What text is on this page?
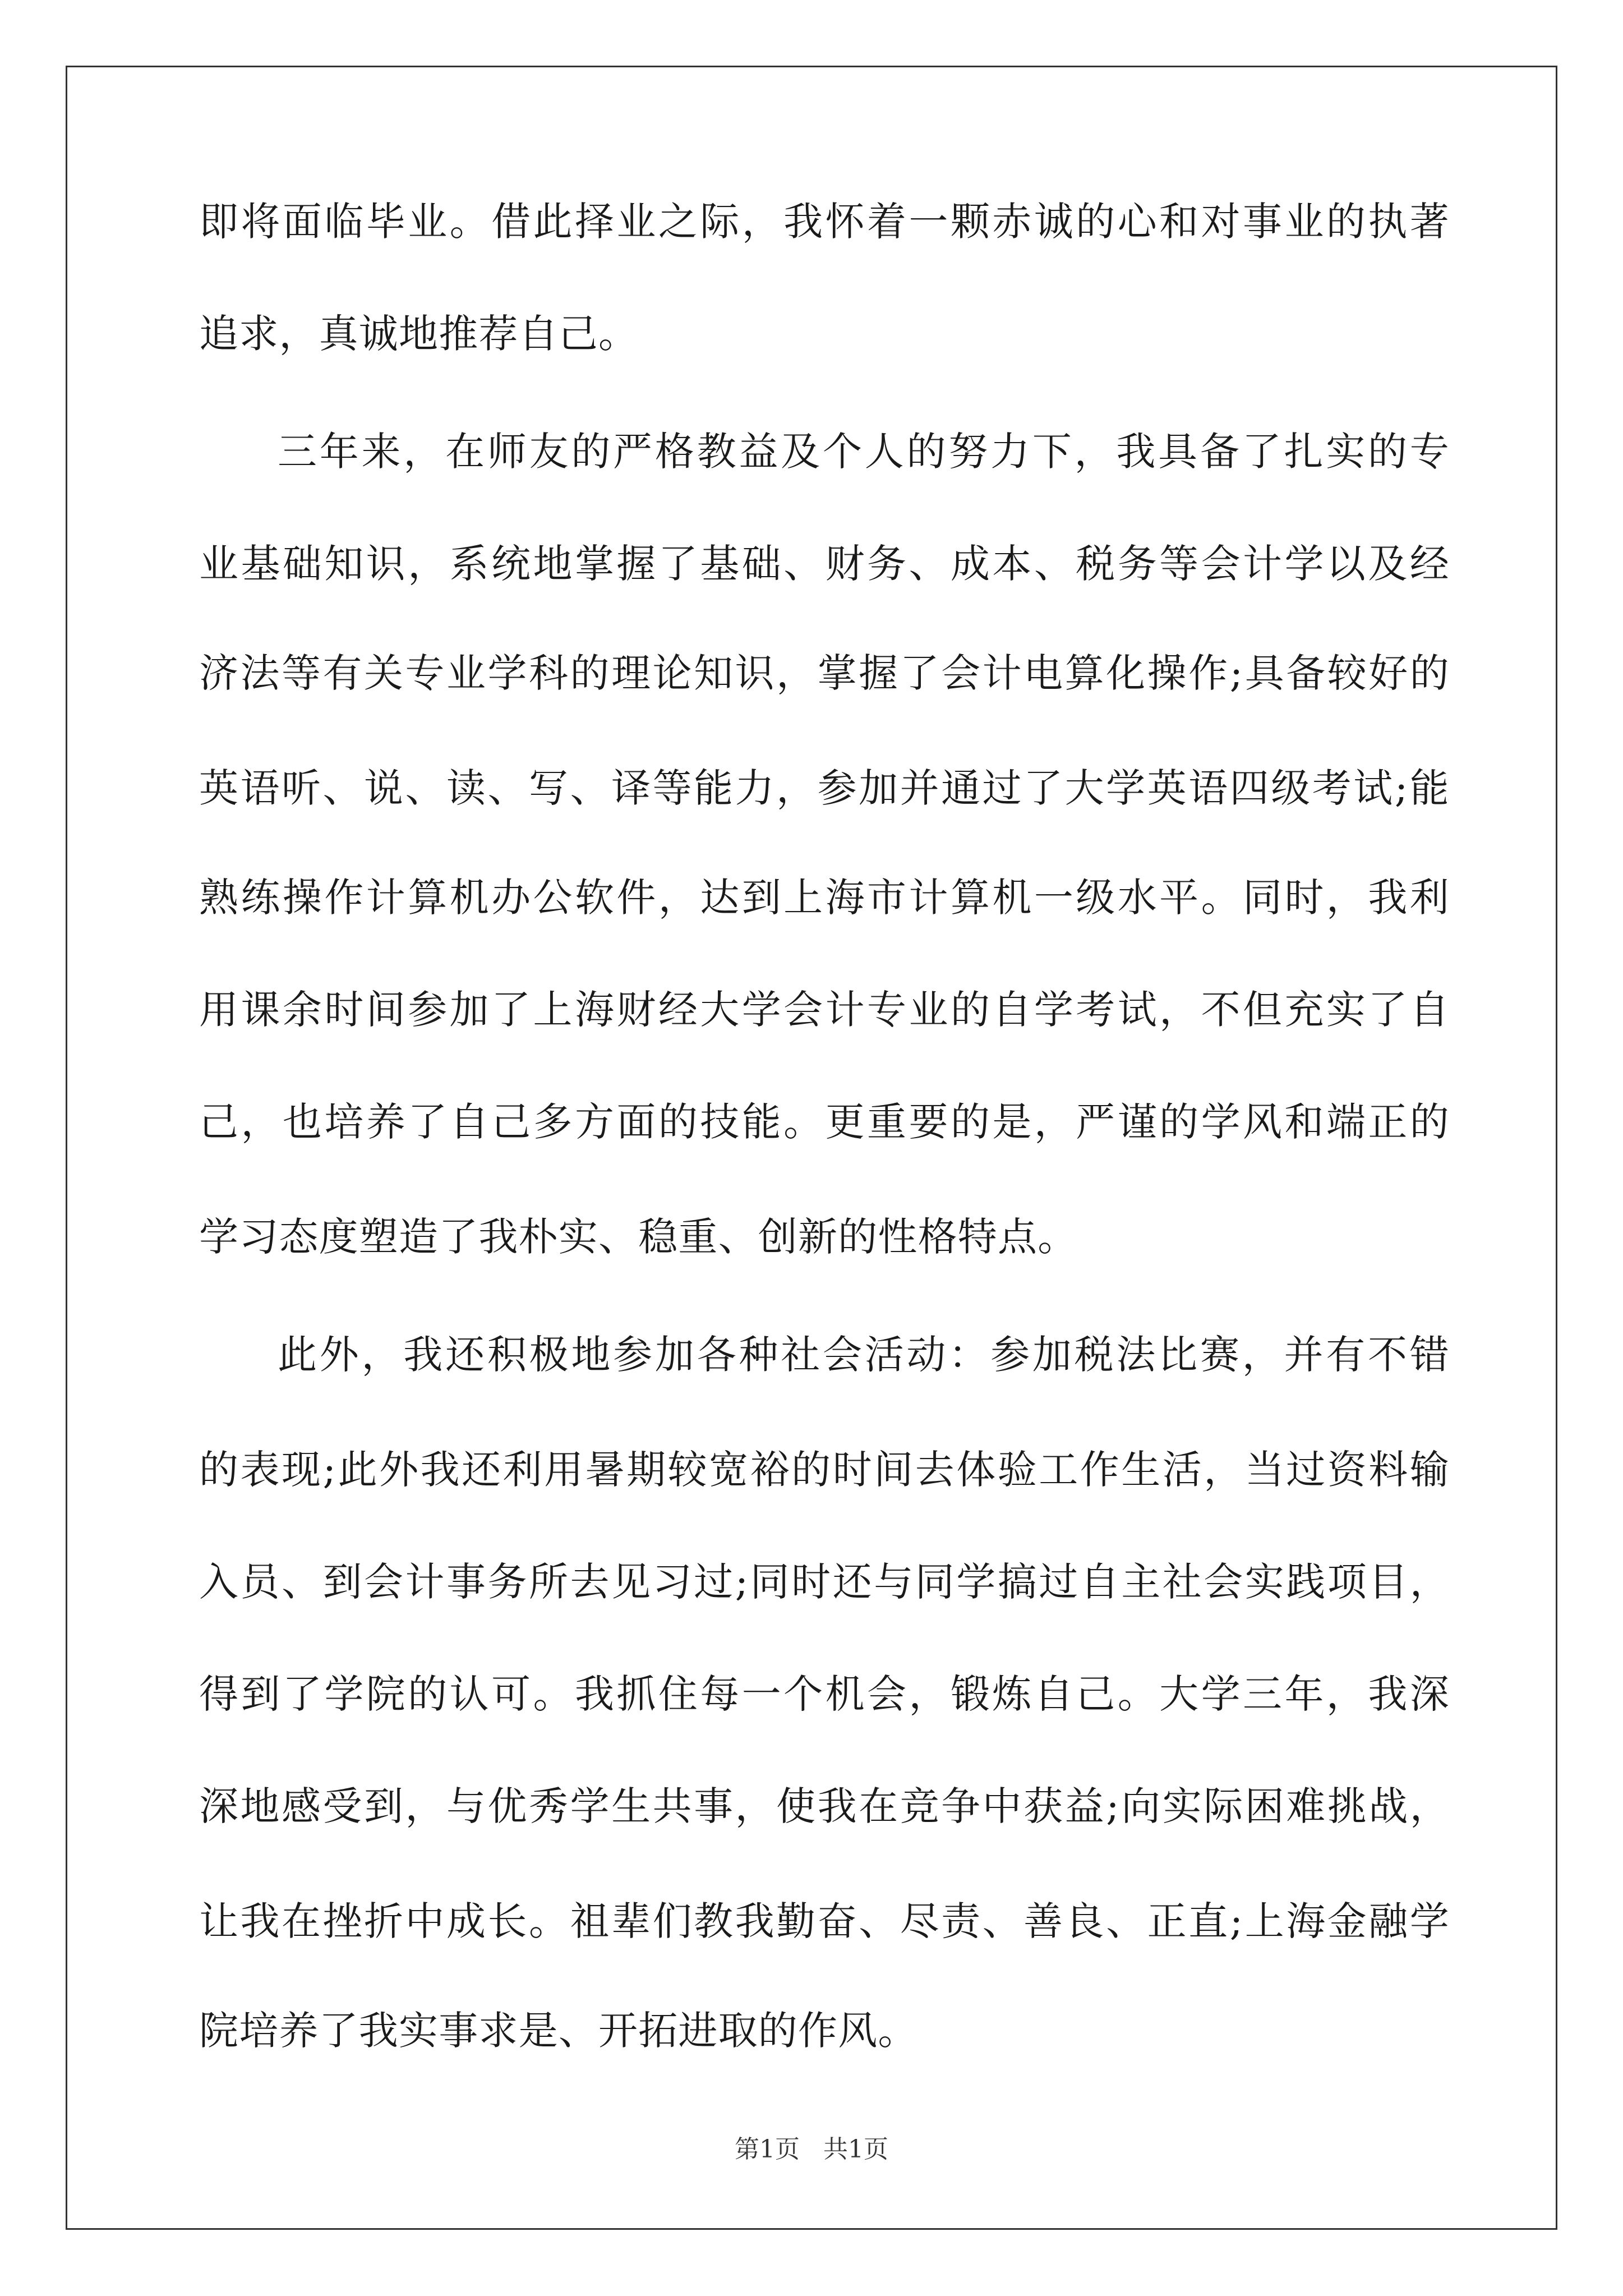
即将面临毕业。借此择业之际，我怀着一颗赤诚的心和对事业的执著
追求，真诚地推荐自己。
三年来，在师友的严格教益及个人的努力下，我具备了扎实的专
业基础知识，系统地掌握了基础、财务、成本、税务等会计学以及经
济法等有关专业学科的理论知识，掌握了会计电算化操作;具备较好的
英语听、说、读、写、译等能力，参加并通过了大学英语四级考试;能
熟练操作计算机办公软件，达到上海市计算机一级水平。同时，我利
用课余时间参加了上海财经大学会计专业的自学考试，不但充实了自
己，也培养了自己多方面的技能。更重要的是，严谨的学风和端正的
学习态度塑造了我朴实、稳重、创新的性格特点。
此外，我还积极地参加各种社会活动：参加税法比赛，并有不错
的表现;此外我还利用暑期较宽裕的时间去体验工作生活，当过资料输
入员、到会计事务所去见习过;同时还与同学搞过自主社会实践项目，
得到了学院的认可。我抓住每一个机会，锻炼自己。大学三年，我深
深地感受到，与优秀学生共事，使我在竞争中获益;向实际困难挑战，
让我在挫折中成长。祖辈们教我勤奋、尽责、善良、正直;上海金融学
院培养了我实事求是、开拓进取的作风。
第1页 共1页
